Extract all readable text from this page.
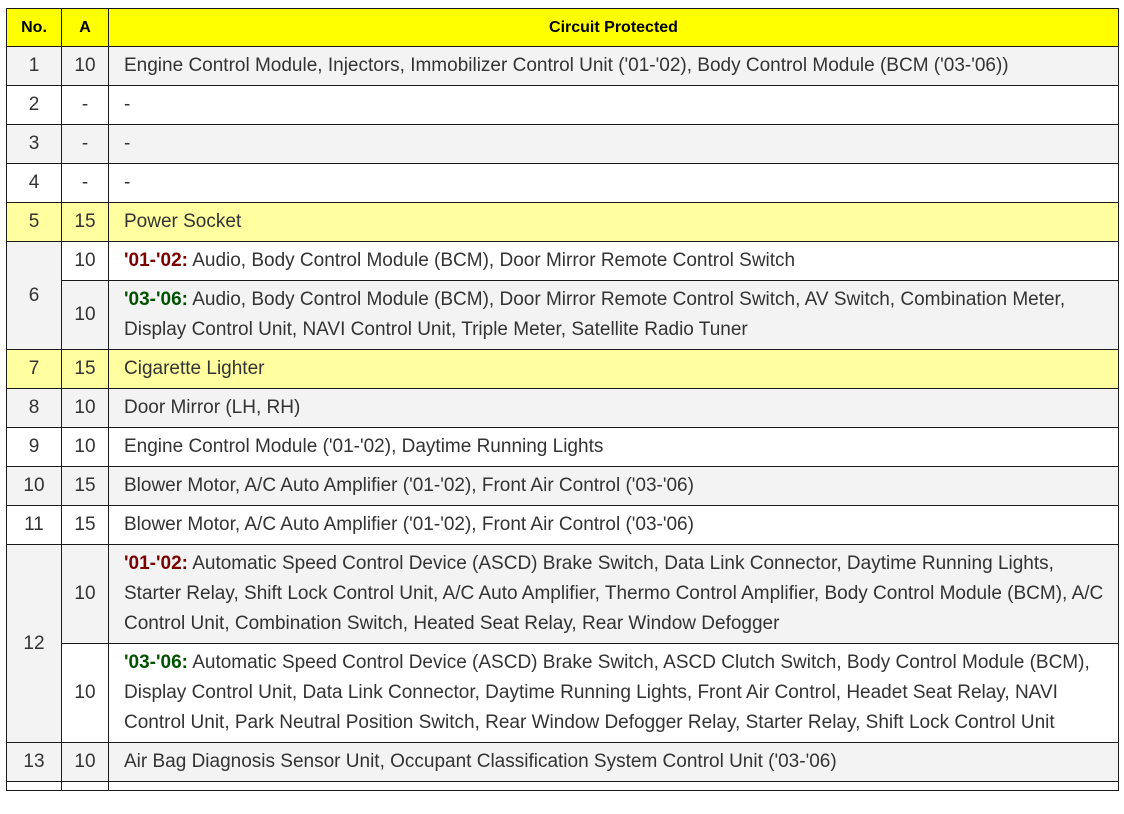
No.	A	Circuit Protected
1	10	Engine Control Module, Injectors, Immobilizer Control Unit ('01-'02), Body Control Module (BCM ('03-'06))
2	-	-
3	-	-
4	-	-
5	15	Power Socket
6	10	'01-'02: Audio, Body Control Module (BCM), Door Mirror Remote Control Switch
	10	'03-'06: Audio, Body Control Module (BCM), Door Mirror Remote Control Switch, AV Switch, Combination Meter, Display Control Unit, NAVI Control Unit, Triple Meter, Satellite Radio Tuner
7	15	Cigarette Lighter
8	10	Door Mirror (LH, RH)
9	10	Engine Control Module ('01-'02), Daytime Running Lights
10	15	Blower Motor, A/C Auto Amplifier ('01-'02), Front Air Control ('03-'06)
11	15	Blower Motor, A/C Auto Amplifier ('01-'02), Front Air Control ('03-'06)
12	10	'01-'02: Automatic Speed Control Device (ASCD) Brake Switch, Data Link Connector, Daytime Running Lights, Starter Relay, Shift Lock Control Unit, A/C Auto Amplifier, Thermo Control Amplifier, Body Control Module (BCM), A/C Control Unit, Combination Switch, Heated Seat Relay, Rear Window Defogger
	10	'03-'06: Automatic Speed Control Device (ASCD) Brake Switch, ASCD Clutch Switch, Body Control Module (BCM), Display Control Unit, Data Link Connector, Daytime Running Lights, Front Air Control, Headet Seat Relay, NAVI Control Unit, Park Neutral Position Switch, Rear Window Defogger Relay, Starter Relay, Shift Lock Control Unit
13	10	Air Bag Diagnosis Sensor Unit, Occupant Classification System Control Unit ('03-'06)
